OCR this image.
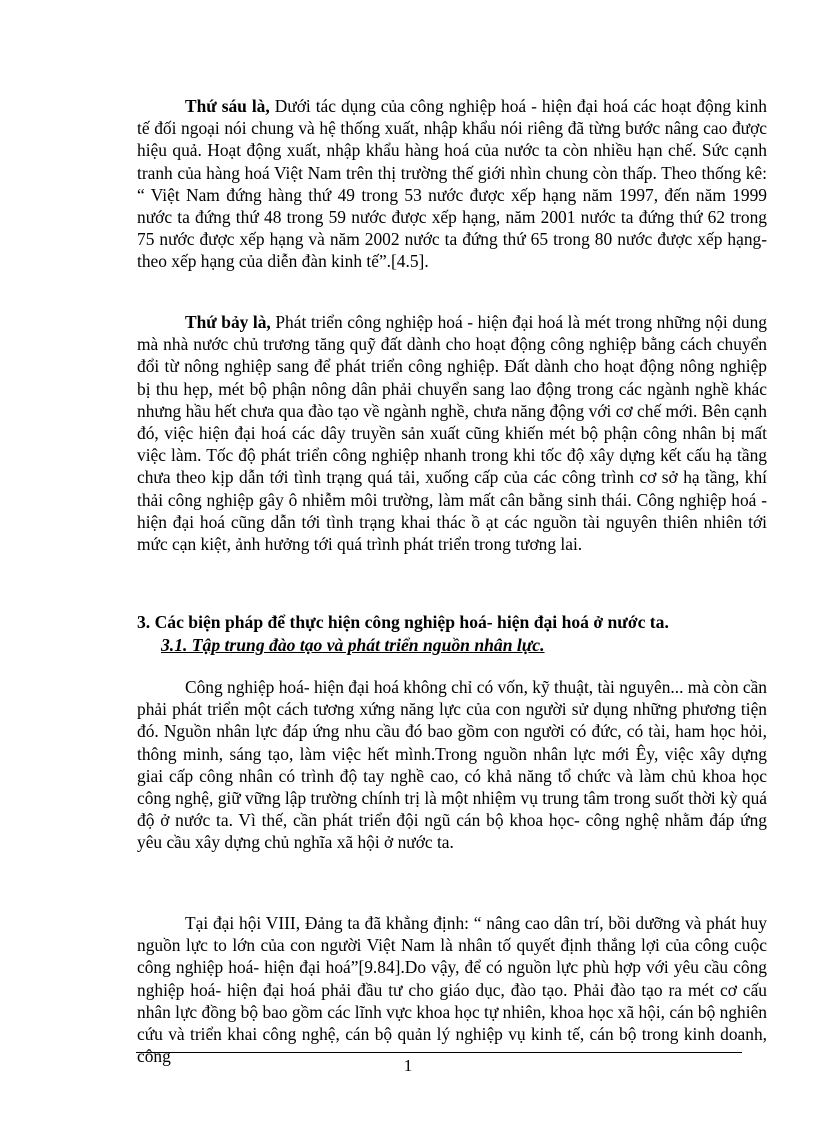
Thứ sáu là, Dưới tác dụng của công nghiệp hoá - hiện đại hoá các hoạt động kinh tế đối ngoại nói chung và hệ thống xuất, nhập khẩu nói riêng đã từng bước nâng cao được hiệu quả. Hoạt động xuất, nhập khẩu hàng hoá của nước ta còn nhiều hạn chế. Sức cạnh tranh của hàng hoá Việt Nam trên thị trường thế giới nhìn chung còn thấp. Theo thống kê: “ Việt Nam đứng hàng thứ 49 trong 53 nước được xếp hạng năm 1997, đến năm 1999 nước ta đứng thứ 48 trong 59 nước được xếp hạng, năm 2001 nước ta đứng thứ 62 trong 75 nước được xếp hạng và năm 2002 nước ta đứng thứ 65 trong 80 nước được xếp hạng- theo xếp hạng của diễn đàn kinh tế”.[4.5].

Thứ bảy là, Phát triển công nghiệp hoá - hiện đại hoá là mét trong những nội dung mà nhà nước chủ trương tăng quỹ đất dành cho hoạt động công nghiệp bằng cách chuyển đổi từ nông nghiệp sang để phát triển công nghiệp. Đất dành cho hoạt động nông nghiệp bị thu hẹp, mét bộ phận nông dân phải chuyển sang lao động trong các ngành nghề khác nhưng hầu hết chưa qua đào tạo về ngành nghề, chưa năng động với cơ chế mới. Bên cạnh đó, việc hiện đại hoá các dây truyền sản xuất cũng khiến mét bộ phận công nhân bị mất việc làm. Tốc độ phát triển công nghiệp nhanh trong khi tốc độ xây dựng kết cấu hạ tầng chưa theo kịp dẫn tới tình trạng quá tải, xuống cấp của các công trình cơ sở hạ tầng, khí thải công nghiệp gây ô nhiễm môi trường, làm mất cân bằng sinh thái. Công nghiệp hoá - hiện đại hoá cũng dẫn tới tình trạng khai thác ồ ạt các nguồn tài nguyên thiên nhiên tới mức cạn kiệt, ảnh hưởng tới quá trình phát triển trong tương lai.

3. Các biện pháp để thực hiện công nghiệp hoá- hiện đại hoá ở nước ta.
3.1. Tập trung đào tạo và phát triển nguồn nhân lực.

Công nghiệp hoá- hiện đại hoá không chỉ có vốn, kỹ thuật, tài nguyên... mà còn cần phải phát triển một cách tương xứng năng lực của con người sử dụng những phương tiện đó. Nguồn nhân lực đáp ứng nhu cầu đó bao gồm con người có đức, có tài, ham học hỏi, thông minh, sáng tạo, làm việc hết mình.Trong nguồn nhân lực mới Êy, việc xây dựng giai cấp công nhân có trình độ tay nghề cao, có khả năng tổ chức và làm chủ khoa học công nghệ, giữ vững lập trường chính trị là một nhiệm vụ trung tâm trong suốt thời kỳ quá độ ở nước ta. Vì thế, cần phát triển đội ngũ cán bộ khoa học- công nghệ nhằm đáp ứng yêu cầu xây dựng chủ nghĩa xã hội ở nước ta.

Tại đại hội VIII, Đảng ta đã khẳng định: “ nâng cao dân trí, bồi dưỡng và phát huy nguồn lực to lớn của con người Việt Nam là nhân tố quyết định thắng lợi của công cuộc công nghiệp hoá- hiện đại hoá”[9.84].Do vậy, để có nguồn lực phù hợp với yêu cầu công nghiệp hoá- hiện đại hoá phải đầu tư cho giáo dục, đào tạo. Phải đào tạo ra mét cơ cấu nhân lực đồng bộ bao gồm các lĩnh vực khoa học tự nhiên, khoa học xã hội, cán bộ nghiên cứu và triển khai công nghệ, cán bộ quản lý nghiệp vụ kinh tế, cán bộ trong kinh doanh, công	1
